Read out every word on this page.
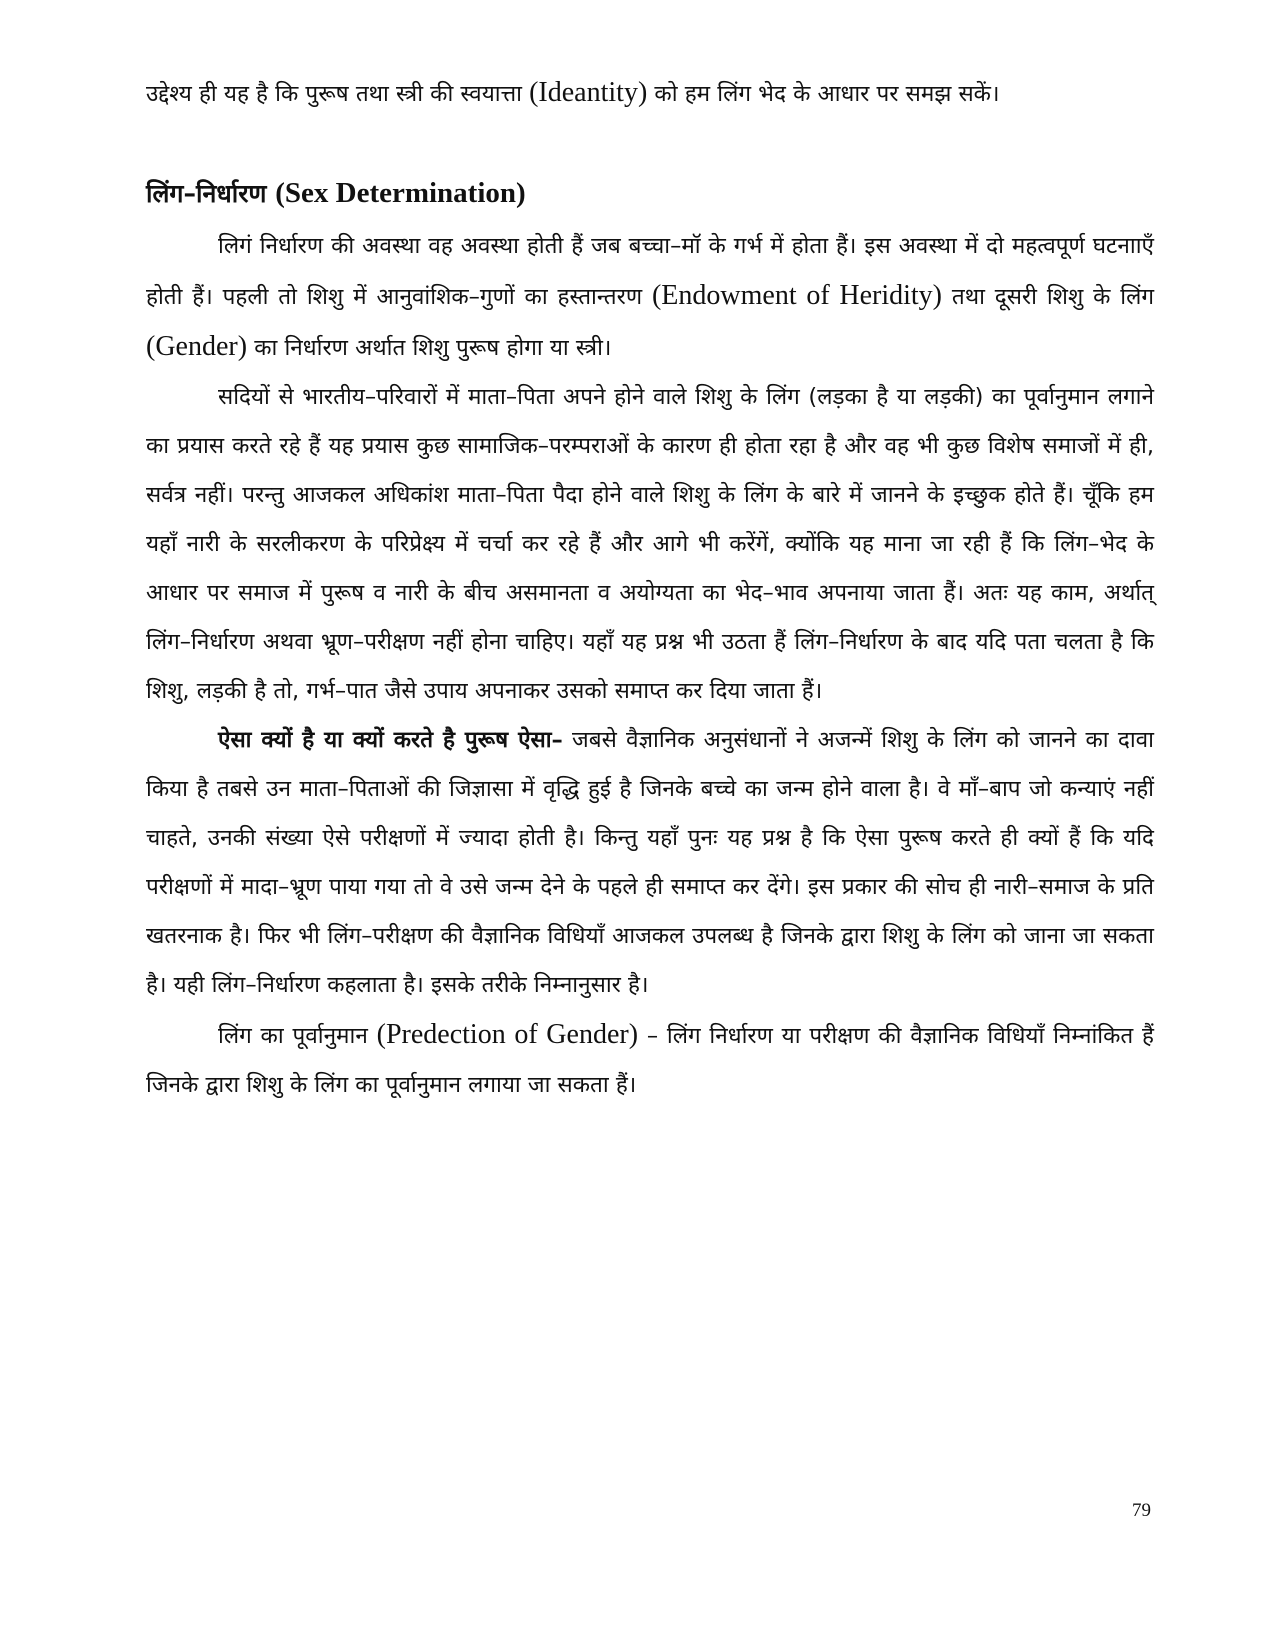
उद्देश्य ही यह है कि पुरूष तथा स्त्री की स्वयात्ता (Ideantity) को हम लिंग भेद के आधार पर समझ सकें।

लिंग–निर्धारण (Sex Determination)

लिगं निर्धारण की अवस्था वह अवस्था होती हैं जब बच्चा–मॉ के गर्भ में होता हैं। इस अवस्था में दो महत्वपूर्ण घटनााएँ होती हैं। पहली तो शिशु में आनुवांशिक–गुणों का हस्तान्तरण (Endowment of Heridity) तथा दूसरी शिशु के लिंग (Gender) का निर्धारण अर्थात शिशु पुरूष होगा या स्त्री।

सदियों से भारतीय–परिवारों में माता–पिता अपने होने वाले शिशु के लिंग (लड़का है या लड़की) का पूर्वानुमान लगाने का प्रयास करते रहे हैं यह प्रयास कुछ सामाजिक–परम्पराओं के कारण ही होता रहा है और वह भी कुछ विशेष समाजों में ही, सर्वत्र नहीं। परन्तु आजकल अधिकांश माता–पिता पैदा होने वाले शिशु के लिंग के बारे में जानने के इच्छुक होते हैं। चूँकि हम यहाँ नारी के सरलीकरण के परिप्रेक्ष्य में चर्चा कर रहे हैं और आगे भी करेंगें, क्योंकि यह माना जा रही हैं कि लिंग–भेद के आधार पर समाज में पुरूष व नारी के बीच असमानता व अयोग्यता का भेद–भाव अपनाया जाता हैं। अतः यह काम, अर्थात् लिंग–निर्धारण अथवा भ्रूण–परीक्षण नहीं होना चाहिए। यहाँ यह प्रश्न भी उठता हैं लिंग–निर्धारण के बाद यदि पता चलता है कि शिशु, लड़की है तो, गर्भ–पात जैसे उपाय अपनाकर उसको समाप्त कर दिया जाता हैं।

ऐसा क्यों है या क्यों करते है पुरूष ऐसा– जबसे वैज्ञानिक अनुसंधानों ने अजन्में शिशु के लिंग को जानने का दावा किया है तबसे उन माता–पिताओं की जिज्ञासा में वृद्धि हुई है जिनके बच्चे का जन्म होने वाला है। वे माँ–बाप जो कन्याएं नहीं चाहते, उनकी संख्या ऐसे परीक्षणों में ज्यादा होती है। किन्तु यहाँ पुनः यह प्रश्न है कि ऐसा पुरूष करते ही क्यों हैं कि यदि परीक्षणों में मादा–भ्रूण पाया गया तो वे उसे जन्म देने के पहले ही समाप्त कर देंगे। इस प्रकार की सोच ही नारी–समाज के प्रति खतरनाक है। फिर भी लिंग–परीक्षण की वैज्ञानिक विधियाँ आजकल उपलब्ध है जिनके द्वारा शिशु के लिंग को जाना जा सकता है। यही लिंग–निर्धारण कहलाता है। इसके तरीके निम्नानुसार है।

लिंग का पूर्वानुमान (Predection of Gender) – लिंग निर्धारण या परीक्षण की वैज्ञानिक विधियाँ निम्नांकित हैं जिनके द्वारा शिशु के लिंग का पूर्वानुमान लगाया जा सकता हैं।

79
